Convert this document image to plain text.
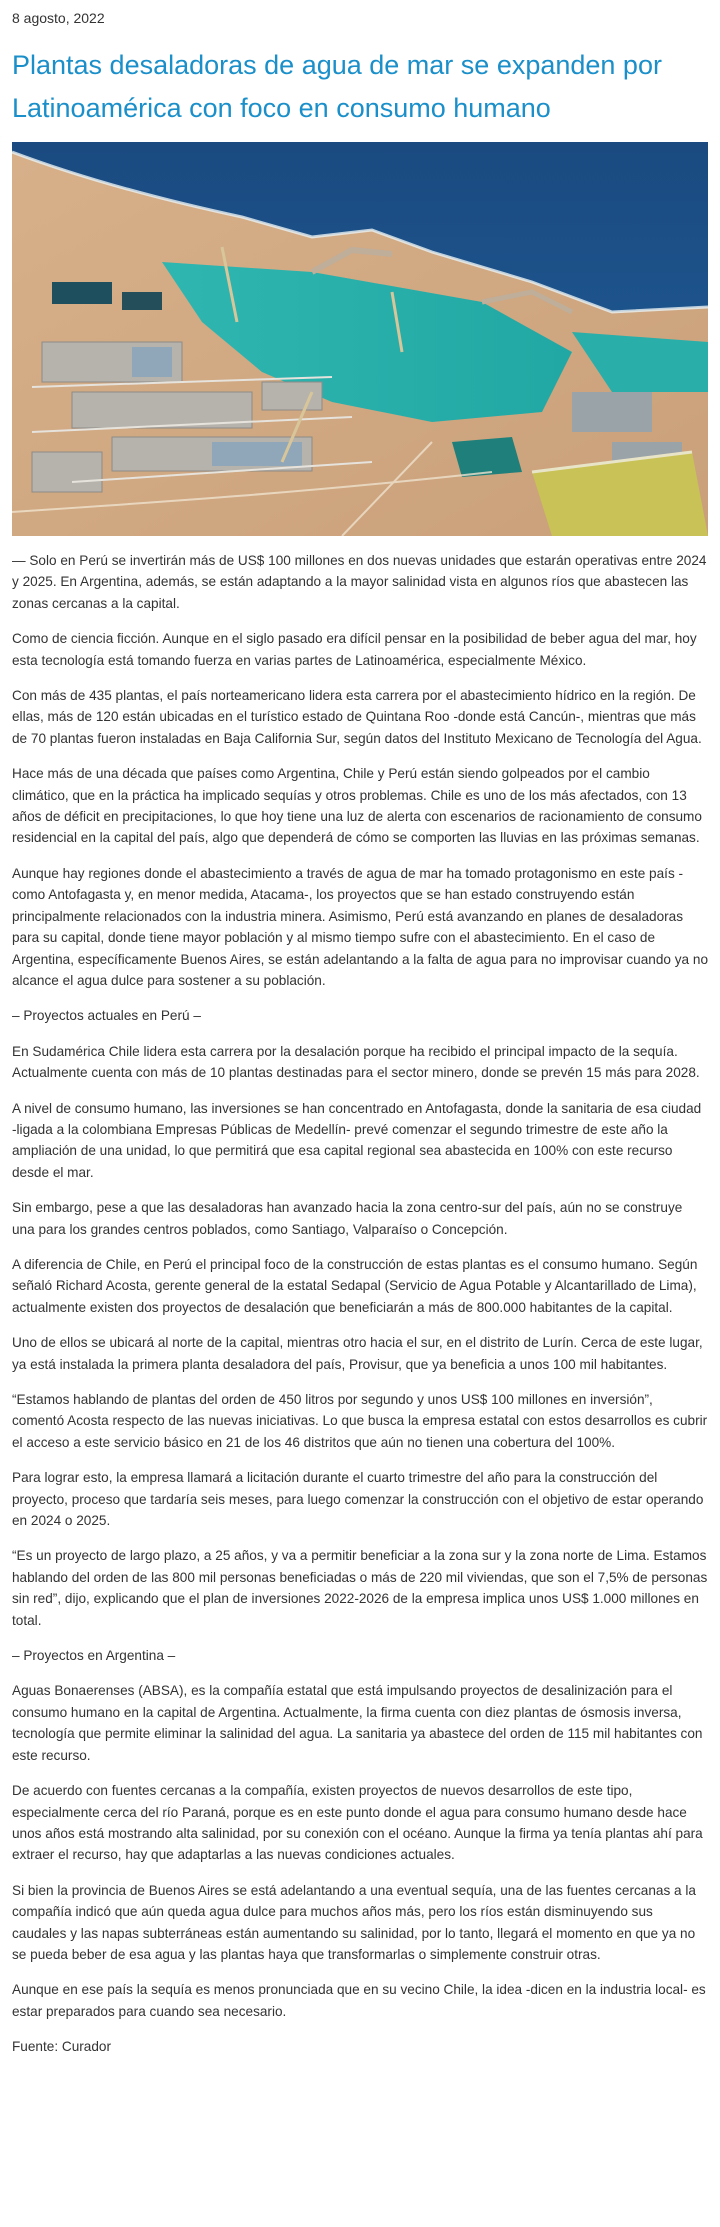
8 agosto, 2022
Plantas desaladoras de agua de mar se expanden por Latinoamérica con foco en consumo humano

— Solo en Perú se invertirán más de US$ 100 millones en dos nuevas unidades que estarán operativas entre 2024 y 2025. En Argentina, además, se están adaptando a la mayor salinidad vista en algunos ríos que abastecen las zonas cercanas a la capital.

Como de ciencia ficción. Aunque en el siglo pasado era difícil pensar en la posibilidad de beber agua del mar, hoy esta tecnología está tomando fuerza en varias partes de Latinoamérica, especialmente México.

Con más de 435 plantas, el país norteamericano lidera esta carrera por el abastecimiento hídrico en la región. De ellas, más de 120 están ubicadas en el turístico estado de Quintana Roo -donde está Cancún-, mientras que más de 70 plantas fueron instaladas en Baja California Sur, según datos del Instituto Mexicano de Tecnología del Agua.

Hace más de una década que países como Argentina, Chile y Perú están siendo golpeados por el cambio climático, que en la práctica ha implicado sequías y otros problemas. Chile es uno de los más afectados, con 13 años de déficit en precipitaciones, lo que hoy tiene una luz de alerta con escenarios de racionamiento de consumo residencial en la capital del país, algo que dependerá de cómo se comporten las lluvias en las próximas semanas.

Aunque hay regiones donde el abastecimiento a través de agua de mar ha tomado protagonismo en este país -como Antofagasta y, en menor medida, Atacama-, los proyectos que se han estado construyendo están principalmente relacionados con la industria minera. Asimismo, Perú está avanzando en planes de desaladoras para su capital, donde tiene mayor población y al mismo tiempo sufre con el abastecimiento. En el caso de Argentina, específicamente Buenos Aires, se están adelantando a la falta de agua para no improvisar cuando ya no alcance el agua dulce para sostener a su población.

– Proyectos actuales en Perú –

En Sudamérica Chile lidera esta carrera por la desalación porque ha recibido el principal impacto de la sequía. Actualmente cuenta con más de 10 plantas destinadas para el sector minero, donde se prevén 15 más para 2028.

A nivel de consumo humano, las inversiones se han concentrado en Antofagasta, donde la sanitaria de esa ciudad -ligada a la colombiana Empresas Públicas de Medellín- prevé comenzar el segundo trimestre de este año la ampliación de una unidad, lo que permitirá que esa capital regional sea abastecida en 100% con este recurso desde el mar.

Sin embargo, pese a que las desaladoras han avanzado hacia la zona centro-sur del país, aún no se construye una para los grandes centros poblados, como Santiago, Valparaíso o Concepción.

A diferencia de Chile, en Perú el principal foco de la construcción de estas plantas es el consumo humano. Según señaló Richard Acosta, gerente general de la estatal Sedapal (Servicio de Agua Potable y Alcantarillado de Lima), actualmente existen dos proyectos de desalación que beneficiarán a más de 800.000 habitantes de la capital.

Uno de ellos se ubicará al norte de la capital, mientras otro hacia el sur, en el distrito de Lurín. Cerca de este lugar, ya está instalada la primera planta desaladora del país, Provisur, que ya beneficia a unos 100 mil habitantes.

“Estamos hablando de plantas del orden de 450 litros por segundo y unos US$ 100 millones en inversión”, comentó Acosta respecto de las nuevas iniciativas. Lo que busca la empresa estatal con estos desarrollos es cubrir el acceso a este servicio básico en 21 de los 46 distritos que aún no tienen una cobertura del 100%.

Para lograr esto, la empresa llamará a licitación durante el cuarto trimestre del año para la construcción del proyecto, proceso que tardaría seis meses, para luego comenzar la construcción con el objetivo de estar operando en 2024 o 2025.

“Es un proyecto de largo plazo, a 25 años, y va a permitir beneficiar a la zona sur y la zona norte de Lima. Estamos hablando del orden de las 800 mil personas beneficiadas o más de 220 mil viviendas, que son el 7,5% de personas sin red”, dijo, explicando que el plan de inversiones 2022-2026 de la empresa implica unos US$ 1.000 millones en total.

– Proyectos en Argentina –

Aguas Bonaerenses (ABSA), es la compañía estatal que está impulsando proyectos de desalinización para el consumo humano en la capital de Argentina. Actualmente, la firma cuenta con diez plantas de ósmosis inversa, tecnología que permite eliminar la salinidad del agua. La sanitaria ya abastece del orden de 115 mil habitantes con este recurso.

De acuerdo con fuentes cercanas a la compañía, existen proyectos de nuevos desarrollos de este tipo, especialmente cerca del río Paraná, porque es en este punto donde el agua para consumo humano desde hace unos años está mostrando alta salinidad, por su conexión con el océano. Aunque la firma ya tenía plantas ahí para extraer el recurso, hay que adaptarlas a las nuevas condiciones actuales.

Si bien la provincia de Buenos Aires se está adelantando a una eventual sequía, una de las fuentes cercanas a la compañía indicó que aún queda agua dulce para muchos años más, pero los ríos están disminuyendo sus caudales y las napas subterráneas están aumentando su salinidad, por lo tanto, llegará el momento en que ya no se pueda beber de esa agua y las plantas haya que transformarlas o simplemente construir otras.

Aunque en ese país la sequía es menos pronunciada que en su vecino Chile, la idea -dicen en la industria local- es estar preparados para cuando sea necesario.

Fuente: Curador
